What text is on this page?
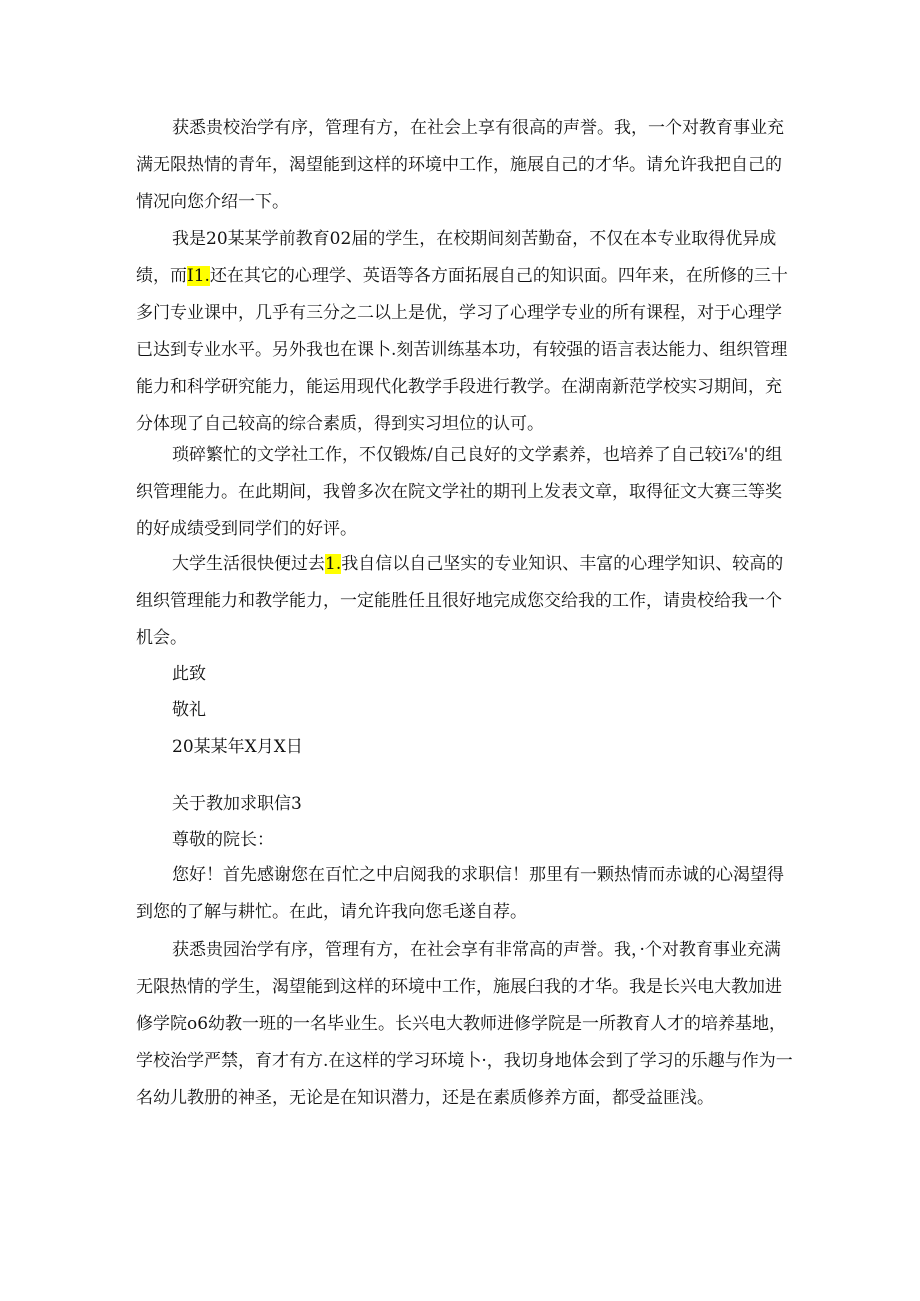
获悉贵校治学有序，管理有方，在社会上享有很高的声誉。我，一个对教育事业充满无限热情的青年，渴望能到这样的环境中工作，施展自己的才华。请允许我把自己的情况向您介绍一下。

我是20某某学前教育02届的学生，在校期间刻苦勤奋，不仅在本专业取得优异成绩，而I1.还在其它的心理学、英语等各方面拓展自己的知识面。四年来，在所修的三十多门专业课中，几乎有三分之二以上是优，学习了心理学专业的所有课程，对于心理学已达到专业水平。另外我也在课卜.刻苦训练基本功，有较强的语言表达能力、组织管理能力和科学研究能力，能运用现代化教学手段进行教学。在湖南新范学校实习期间，充分体现了自己较高的综合素质，得到实习坦位的认可。

琐碎繁忙的文学社工作，不仅锻炼/自己良好的文学素养，也培养了自己较i⅞'的组织管理能力。在此期间，我曾多次在院文学社的期刊上发表文章，取得征文大赛三等奖的好成绩受到同学们的好评。

大学生活很快便过去1.我自信以自己坚实的专业知识、丰富的心理学知识、较高的组织管理能力和教学能力，一定能胜任且很好地完成您交给我的工作，请贵校给我一个机会。

此致

敬礼

20某某年X月X日

关于教加求职信3

尊敬的院长：

您好！首先感谢您在百忙之中启阅我的求职信！那里有一颗热情而赤诚的心渴望得到您的了解与耕忙。在此，请允许我向您毛遂自荐。

获悉贵园治学有序，管理有方，在社会享有非常高的声誉。我，·个对教育事业充满无限热情的学生，渴望能到这样的环境中工作，施展臼我的才华。我是长兴电大教加进修学院o6幼教一班的一名毕业生。长兴电大教师进修学院是一所教育人才的培养基地，学校治学严禁，育才有方.在这样的学习环境卜·，我切身地体会到了学习的乐趣与作为一名幼儿教册的神圣，无论是在知识潜力，还是在素质修养方面，都受益匪浅。
